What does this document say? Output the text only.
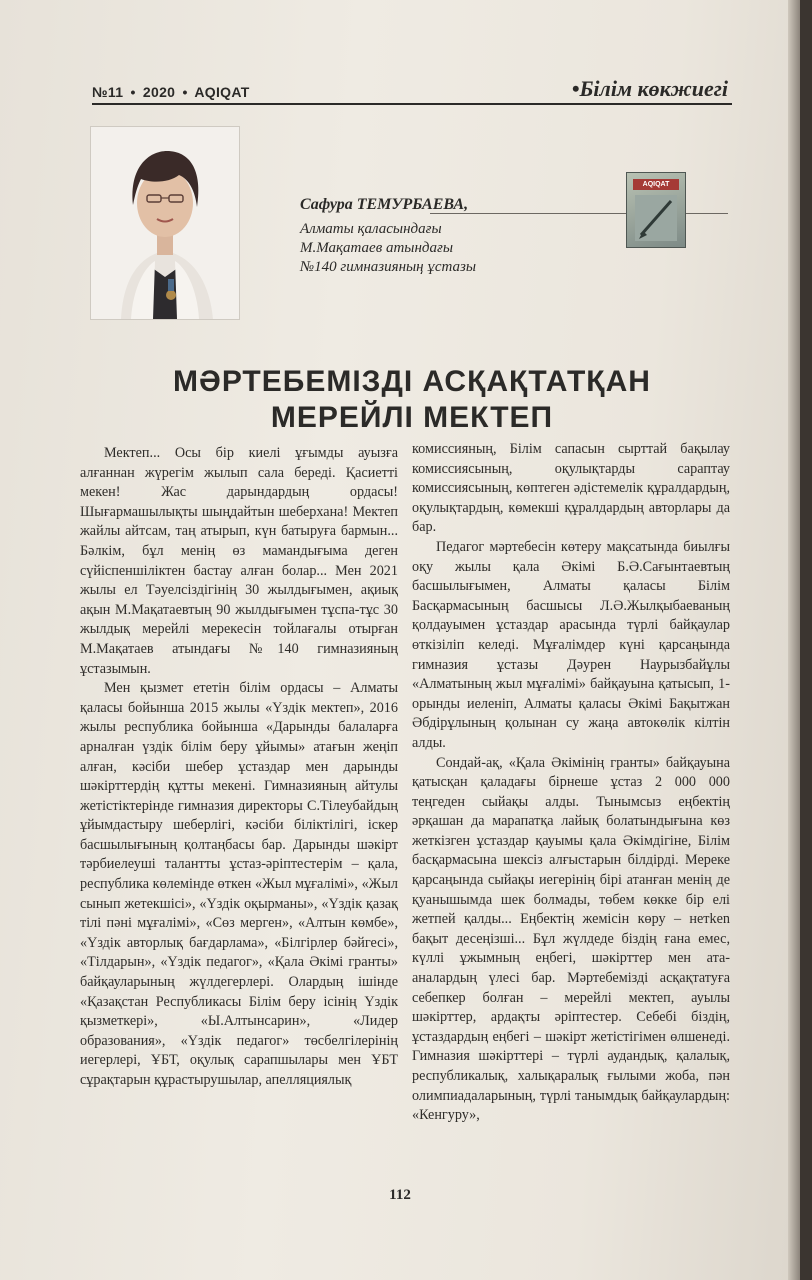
№11 • 2020 • AQIQAT	•Білім көкжиегі
Сафура ТЕМУРБАЕВА,
Алматы қаласындағы
М.Мақатаев атындағы
№140 гимназияның ұстазы
AQIQAT
МӘРТЕБЕМІЗДІ АСҚАҚТАТҚАН
МЕРЕЙЛІ МЕКТЕП

Мектеп... Осы бір киелі ұғымды ауызға алғаннан жүрегім жылып сала береді. Қасиетті мекен! Жас дарындардың ордасы! Шығармашылықты шыңдайтын шеберхана! Мектеп жайлы айтсам, таң атырып, күн батыруға бармын... Бәлкім, бұл менің өз мамандығыма деген сүйіспеншіліктен бастау алған болар... Мен 2021 жылы ел Тәуелсіздігінің 30 жылдығымен, ақиық ақын М.Мақатаевтың 90 жылдығымен тұспа-тұс 30 жылдық мерейлі мерекесін тойлағалы отырған М.Мақатаев атындағы №140 гимназияның ұстазымын.

Мен қызмет ететін білім ордасы – Алматы қаласы бойынша 2015 жылы «Үздік мектеп», 2016 жылы республика бойынша «Дарынды балаларға арналған үздік білім беру ұйымы» атағын жеңіп алған, кәсіби шебер ұстаздар мен дарынды шәкірттердің құтты мекені. Гимназияның айтулы жетістіктерінде гимназия директоры С.Тілеубайдың ұйымдастыру шеберлігі, кәсіби біліктілігі, іскер басшылығының қолтаңбасы бар. Дарынды шәкірт тәрбиелеуші талантты ұстаз-әріптестерім – қала, республика көлемінде өткен «Жыл мұғалімі», «Жыл сынып жетекшісі», «Үздік оқырманы», «Үздік қазақ тілі пәні мұғалімі», «Сөз мерген», «Алтын көмбе», «Үздік авторлық бағдарлама», «Білгірлер бәйгесі», «Тілдарын», «Үздік педагог», «Қала Әкімі гранты» байқауларының жүлдегерлері. Олардың ішінде «Қазақстан Республикасы Білім беру ісінің Үздік қызметкері», «Ы.Алтынсарин», «Лидер образования», «Үздік педагог» төсбелгілерінің иегерлері, ҰБТ, оқулық сарапшылары мен ҰБТ сұрақтарын құрастырушылар, апелляциялық

комиссияның, Білім сапасын сырттай бақылау комиссиясының, оқулықтарды сараптау комиссиясының, көптеген әдістемелік құралдардың, оқулықтардың, көмекші құралдардың авторлары да бар.

Педагог мәртебесін көтеру мақсатында биылғы оқу жылы қала Әкімі Б.Ә.Сағынтаевтың басшылығымен, Алматы қаласы Білім Басқармасының басшысы Л.Ә.Жылқыбаеваның қолдауымен ұстаздар арасында түрлі байқаулар өткізіліп келеді. Мұғалімдер күні қарсаңында гимназия ұстазы Дәурен Наурызбайұлы «Алматының жыл мұғалімі» байқауына қатысып, 1-орынды иеленіп, Алматы қаласы Әкімі Бақытжан Әбдірұлының қолынан су жаңа автокөлік кілтін алды.

Сондай-ақ, «Қала Әкімінің гранты» байқауына қатысқан қаладағы бірнеше ұстаз 2 000 000 теңгеден сыйақы алды. Тынымсыз еңбектің әрқашан да марапатқа лайық болатындығына көз жеткізген ұстаздар қауымы қала Әкімдігіне, Білім басқармасына шексіз алғыстарын білдірді. Мереке қарсаңында сыйақы иегерінің бірі атанған менің де қуанышымда шек болмады, төбем көкке бір елі жетпей қалды... Еңбектің жемісін көру – нетken бақыт десеңізші... Бұл жүлдеде біздің ғана емес, күллі ұжымның еңбегі, шәкірттер мен ата-аналардың үлесі бар. Мәртебемізді асқақтатуға себепкер болған – мерейлі мектеп, ауылы шәкірттер, ардақты әріптестер. Себебі біздің, ұстаздардың еңбегі – шәкірт жетістігімен өлшенеді. Гимназия шәкірттері – түрлі аудандық, қалалық, республикалық, халықаралық ғылыми жоба, пән олимпиадаларының, түрлі танымдық байқаулардың: «Кенгуру»,

112
